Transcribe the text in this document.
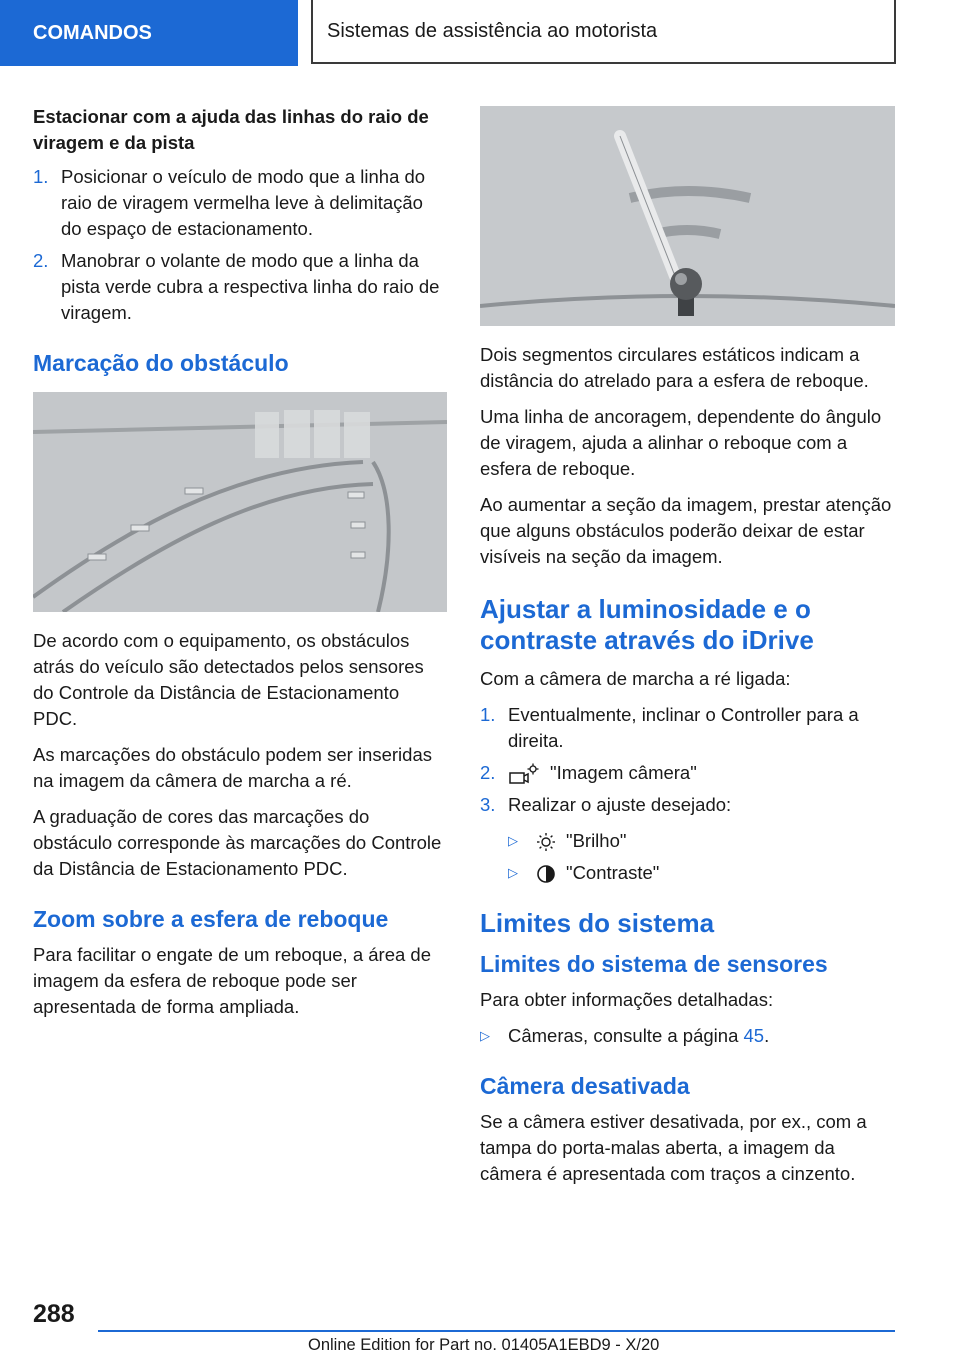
COMANDOS	Sistemas de assistência ao motorista
Estacionar com a ajuda das linhas do raio de viragem e da pista
1. Posicionar o veículo de modo que a linha do raio de viragem vermelha leve à delimitação do espaço de estacionamento.
2. Manobrar o volante de modo que a linha da pista verde cubra a respectiva linha do raio de viragem.
Marcação do obstáculo

De acordo com o equipamento, os obstáculos atrás do veículo são detectados pelos sensores do Controle da Distância de Estacionamento PDC.

As marcações do obstáculo podem ser inseridas na imagem da câmera de marcha a ré.

A graduação de cores das marcações do obstáculo corresponde às marcações do Controle da Distância de Estacionamento PDC.

Zoom sobre a esfera de reboque

Para facilitar o engate de um reboque, a área de imagem da esfera de reboque pode ser apresentada de forma ampliada.

Dois segmentos circulares estáticos indicam a distância do atrelado para a esfera de reboque.

Uma linha de ancoragem, dependente do ângulo de viragem, ajuda a alinhar o reboque com a esfera de reboque.

Ao aumentar a seção da imagem, prestar atenção que alguns obstáculos poderão deixar de estar visíveis na seção da imagem.

Ajustar a luminosidade e o contraste através do iDrive

Com a câmera de marcha a ré ligada:

1. Eventualmente, inclinar o Controller para a direita.
2.	"Imagem câmera"
3. Realizar o ajuste desejado:
▷	"Brilho"
▷	"Contraste"
Limites do sistema
Limites do sistema de sensores

Para obter informações detalhadas:

▷ Câmeras, consulte a página 45.
Câmera desativada

Se a câmera estiver desativada, por ex., com a tampa do porta-malas aberta, a imagem da câmera é apresentada com traços a cinzento.

288
Online Edition for Part no. 01405A1EBD9 - X/20
